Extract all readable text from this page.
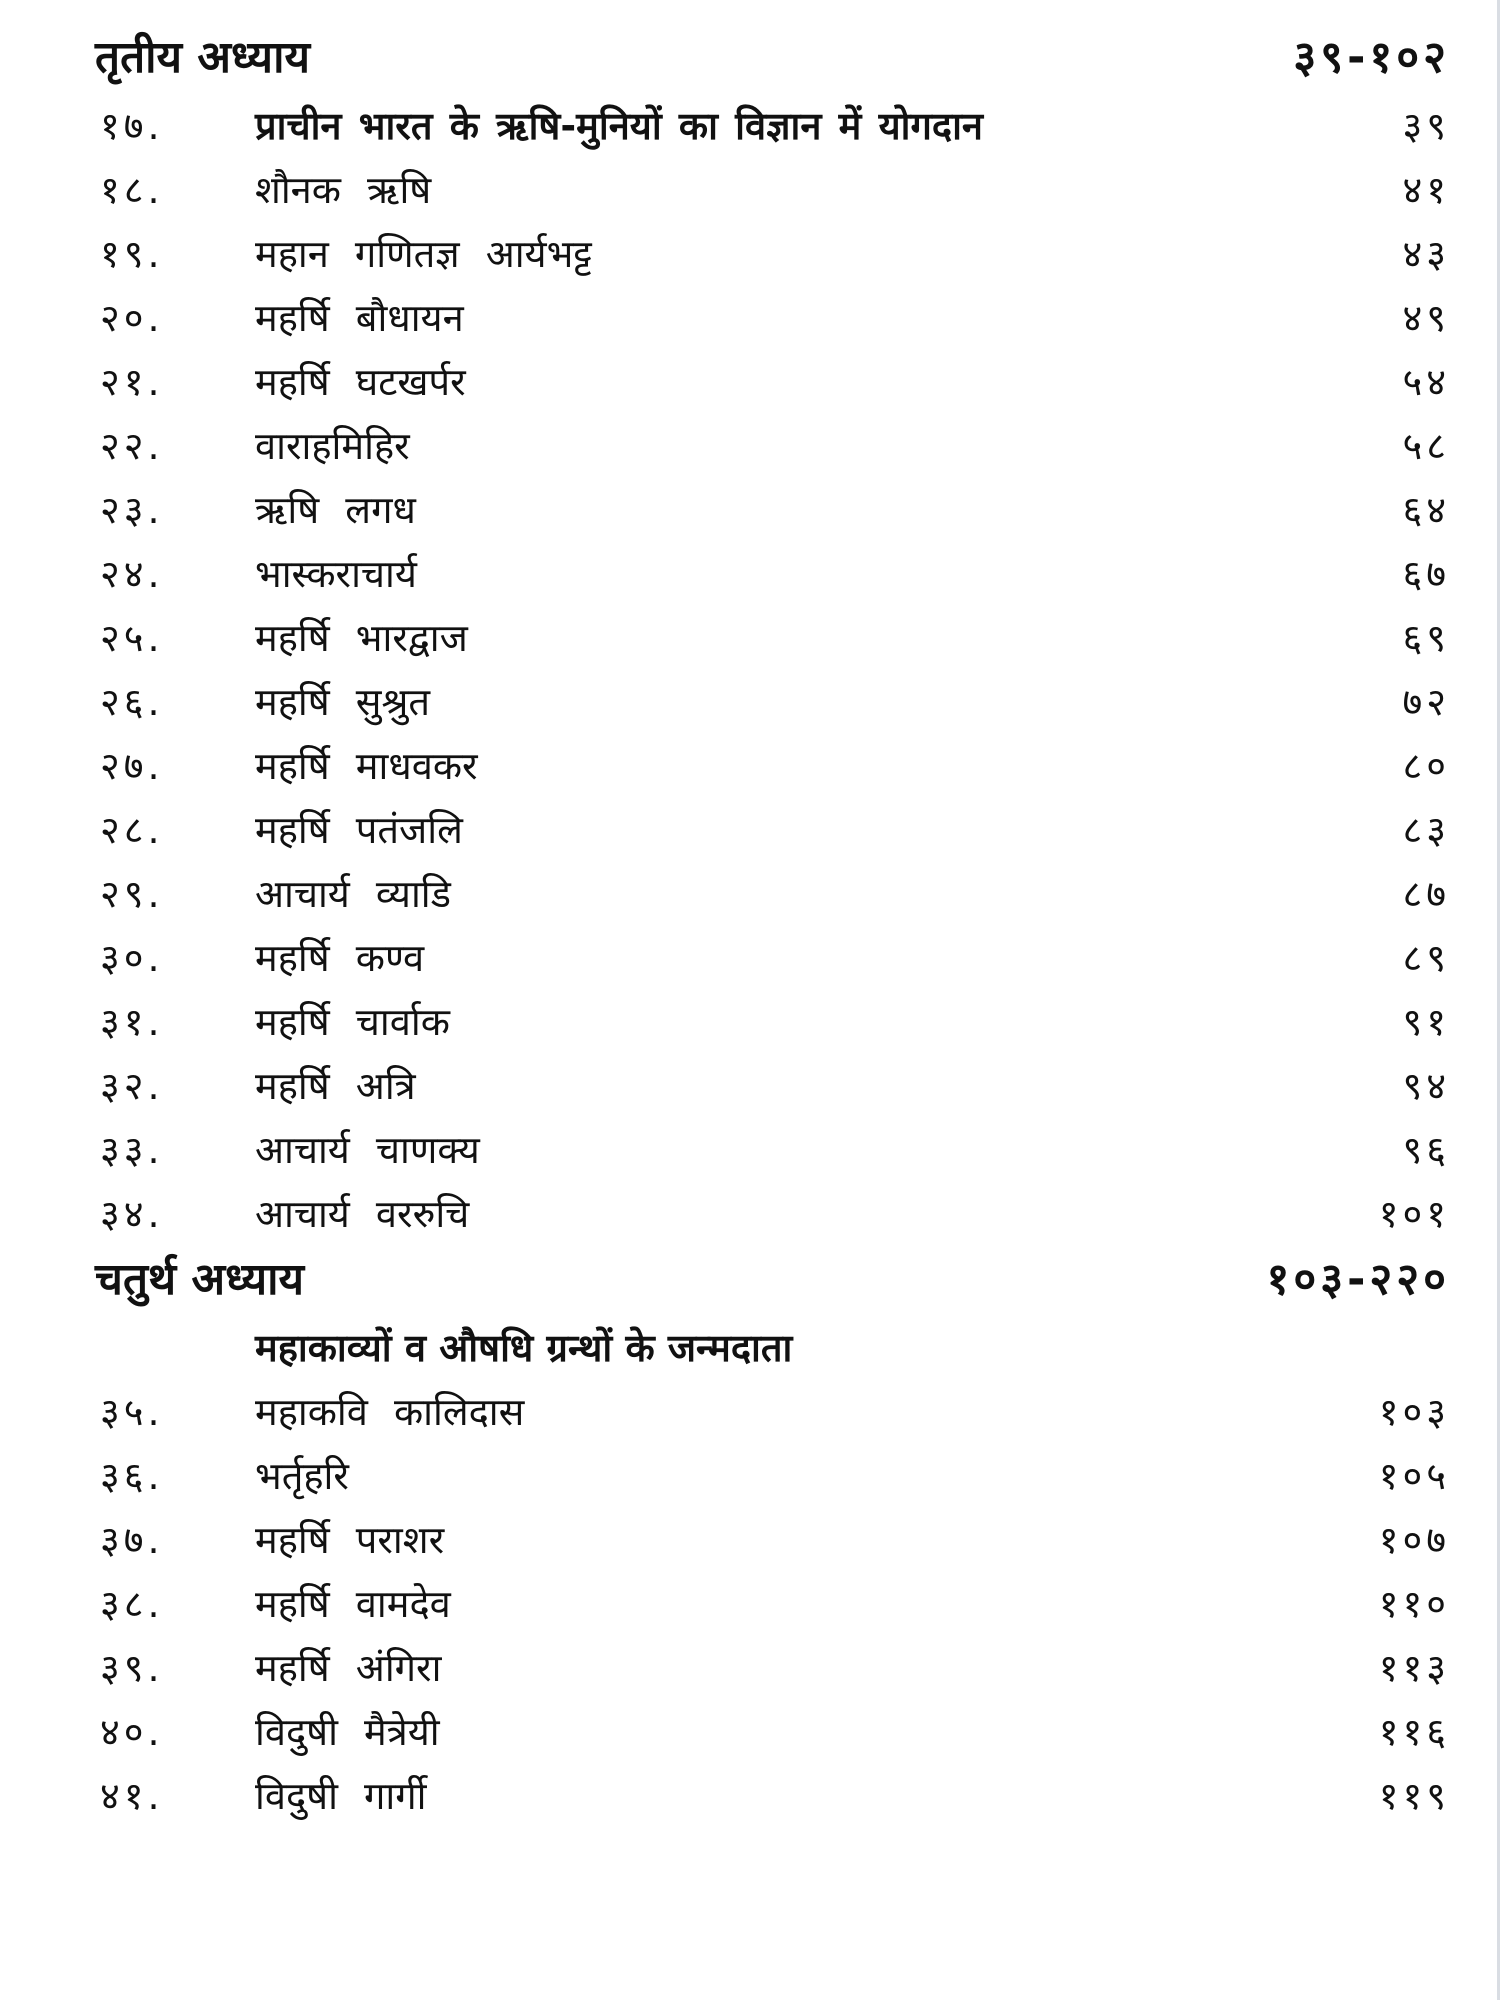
तृतीय अध्याय	३९-१०२
१७. प्राचीन भारत के ऋषि-मुनियों का विज्ञान में योगदान	३९
१८. शौनक ऋषि	४१
१९. महान गणितज्ञ आर्यभट्ट	४३
२०. महर्षि बौधायन	४९
२१. महर्षि घटखर्पर	५४
२२. वाराहमिहिर	५८
२३. ऋषि लगध	६४
२४. भास्कराचार्य	६७
२५. महर्षि भारद्वाज	६९
२६. महर्षि सुश्रुत	७२
२७. महर्षि माधवकर	८०
२८. महर्षि पतंजलि	८३
२९. आचार्य व्याडि	८७
३०. महर्षि कण्व	८९
३१. महर्षि चार्वाक	९१
३२. महर्षि अत्रि	९४
३३. आचार्य चाणक्य	९६
३४. आचार्य वररुचि	१०१
चतुर्थ अध्याय	१०३-२२०
महाकाव्यों व औषधि ग्रन्थों के जन्मदाता
३५. महाकवि कालिदास	१०३
३६. भर्तृहरि	१०५
३७. महर्षि पराशर	१०७
३८. महर्षि वामदेव	११०
३९. महर्षि अंगिरा	११३
४०. विदुषी मैत्रेयी	११६
४१. विदुषी गार्गी	११९
